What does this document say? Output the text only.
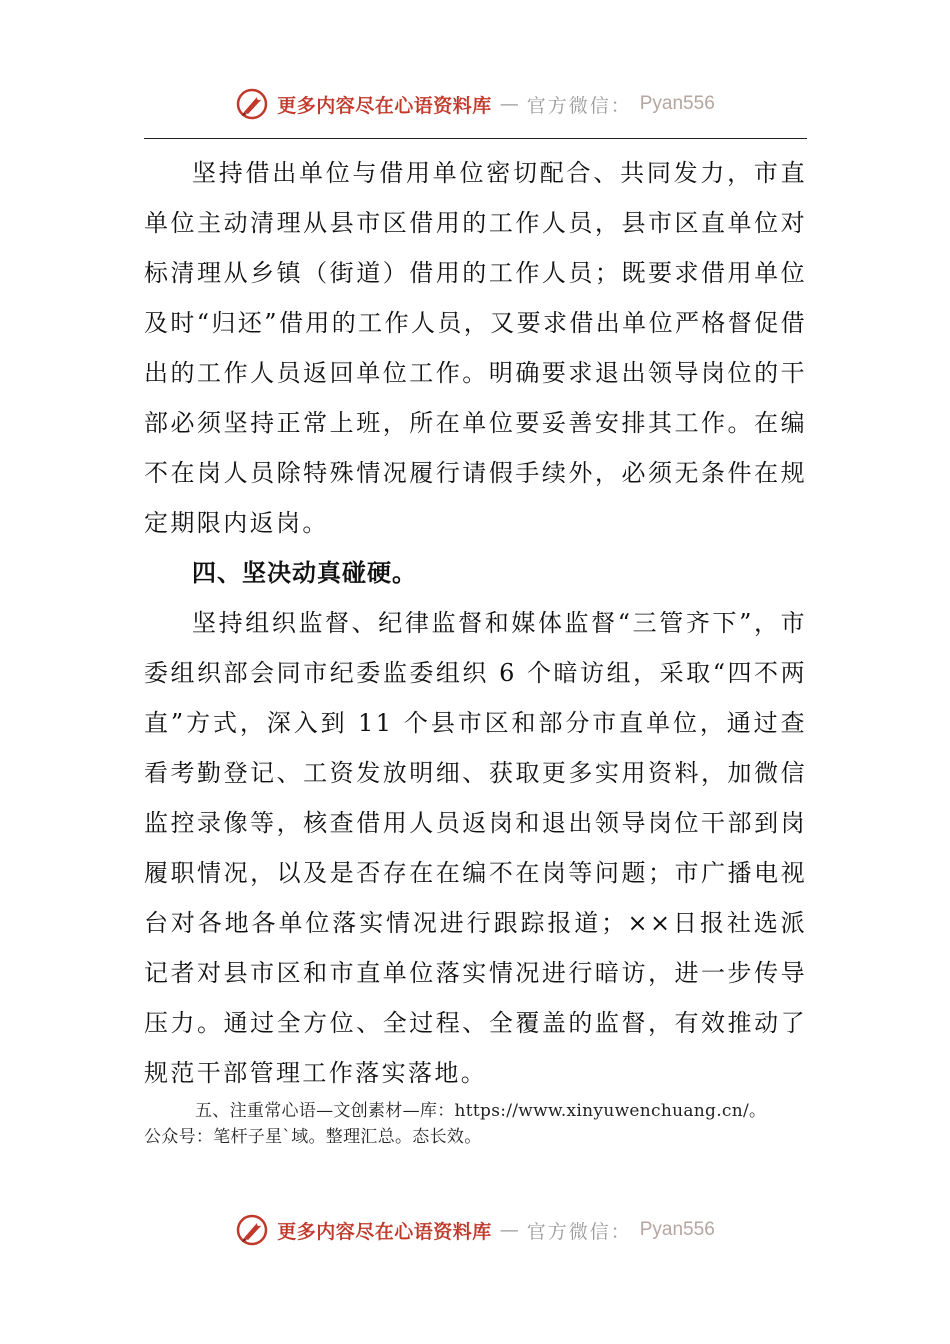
更多内容尽在心语资料库 — 官方微信： Pyan556

坚持借出单位与借用单位密切配合、共同发力，市直单位主动清理从县市区借用的工作人员，县市区直单位对标清理从乡镇（街道）借用的工作人员；既要求借用单位及时“归还”借用的工作人员，又要求借出单位严格督促借出的工作人员返回单位工作。明确要求退出领导岗位的干部必须坚持正常上班，所在单位要妥善安排其工作。在编不在岗人员除特殊情况履行请假手续外，必须无条件在规定期限内返岗。

四、坚决动真碰硬。

坚持组织监督、纪律监督和媒体监督“三管齐下”，市委组织部会同市纪委监委组织 6 个暗访组，采取“四不两直”方式，深入到 11 个县市区和部分市直单位，通过查看考勤登记、工资发放明细、获取更多实用资料，加微信监控录像等，核查借用人员返岗和退出领导岗位干部到岗履职情况，以及是否存在在编不在岗等问题；市广播电视台对各地各单位落实情况进行跟踪报道；××日报社选派记者对县市区和市直单位落实情况进行暗访，进一步传导压力。通过全方位、全过程、全覆盖的监督，有效推动了规范干部管理工作落实落地。

五、注重常心语—文创素材—库：https://www.xinyuwenchuang.cn/。

公众号：笔杆子星`域。整理汇总。态长效。

更多内容尽在心语资料库 — 官方微信： Pyan556
